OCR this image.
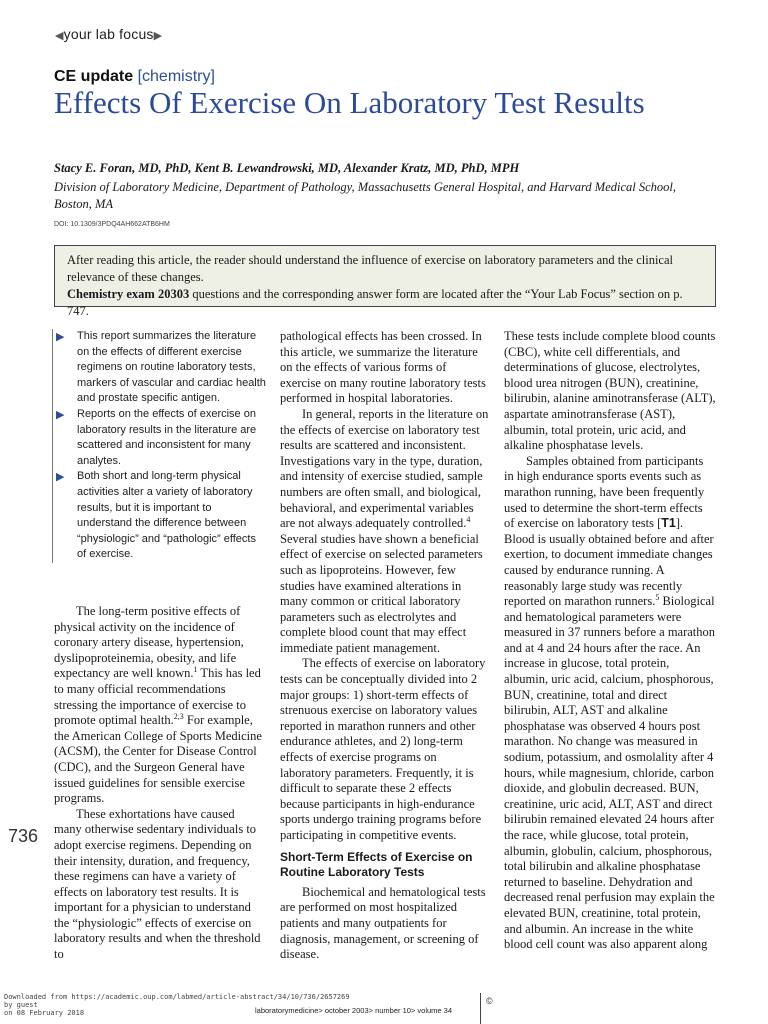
◀your lab focus▶
CE update [chemistry]
Effects Of Exercise On Laboratory Test Results
Stacy E. Foran, MD, PhD, Kent B. Lewandrowski, MD, Alexander Kratz, MD, PhD, MPH
Division of Laboratory Medicine, Department of Pathology, Massachusetts General Hospital, and Harvard Medical School, Boston, MA
DOI: 10.1309/3PDQ4AH662ATB6HM
After reading this article, the reader should understand the influence of exercise on laboratory parameters and the clinical relevance of these changes.
Chemistry exam 20303 questions and the corresponding answer form are located after the “Your Lab Focus” section on p. 747.
▶	This report summarizes the literature on the effects of different exercise regimens on routine laboratory tests, markers of vascular and cardiac health and prostate specific antigen.
▶	Reports on the effects of exercise on laboratory results in the literature are scattered and inconsistent for many analytes.
▶	Both short and long-term physical activities alter a variety of laboratory results, but it is important to understand the difference between “physiologic” and “pathologic” effects of exercise.

The long-term positive effects of physical activity on the incidence of coronary artery disease, hypertension, dyslipoproteinemia, obesity, and life expectancy are well known.$^1$ This has led to many official recommendations stressing the importance of exercise to promote optimal health.$^{2,3}$ For example, the American College of Sports Medicine (ACSM), the Center for Disease Control (CDC), and the Surgeon General have issued guidelines for sensible exercise programs.

These exhortations have caused many otherwise sedentary individuals to adopt exercise regimens. Depending on their intensity, duration, and frequency, these regimens can have a variety of effects on laboratory test results. It is important for a physician to understand the “physiologic” effects of exercise on laboratory results and when the threshold to

pathological effects has been crossed. In this article, we summarize the literature on the effects of various forms of exercise on many routine laboratory tests performed in hospital laboratories.

In general, reports in the literature on the effects of exercise on laboratory test results are scattered and inconsistent. Investigations vary in the type, duration, and intensity of exercise studied, sample numbers are often small, and biological, behavioral, and experimental variables are not always adequately controlled.$^4$ Several studies have shown a beneficial effect of exercise on selected parameters such as lipoproteins. However, few studies have examined alterations in many common or critical laboratory parameters such as electrolytes and complete blood count that may effect immediate patient management.

The effects of exercise on laboratory tests can be conceptually divided into 2 major groups: 1) short-term effects of strenuous exercise on laboratory values reported in marathon runners and other endurance athletes, and 2) long-term effects of exercise programs on laboratory parameters. Frequently, it is difficult to separate these 2 effects because participants in high-endurance sports undergo training programs before participating in competitive events.

Short-Term Effects of Exercise on Routine Laboratory Tests

Biochemical and hematological tests are performed on most hospitalized patients and many outpatients for diagnosis, management, or screening of disease.

These tests include complete blood counts (CBC), white cell differentials, and determinations of glucose, electrolytes, blood urea nitrogen (BUN), creatinine, bilirubin, alanine aminotransferase (ALT), aspartate aminotransferase (AST), albumin, total protein, uric acid, and alkaline phosphatase levels.

Samples obtained from participants in high endurance sports events such as marathon running, have been frequently used to determine the short-term effects of exercise on laboratory tests [T1]. Blood is usually obtained before and after exertion, to document immediate changes caused by endurance running. A reasonably large study was recently reported on marathon runners.$^5$ Biological and hematological parameters were measured in 37 runners before a marathon and at 4 and 24 hours after the race. An increase in glucose, total protein, albumin, uric acid, calcium, phosphorous, BUN, creatinine, total and direct bilirubin, ALT, AST and alkaline phosphatase was observed 4 hours post marathon. No change was measured in sodium, potassium, and osmolality after 4 hours, while magnesium, chloride, carbon dioxide, and globulin decreased. BUN, creatinine, uric acid, ALT, AST and direct bilirubin remained elevated 24 hours after the race, while glucose, total protein, albumin, globulin, calcium, phosphorous, total bilirubin and alkaline phosphatase returned to baseline. Dehydration and decreased renal perfusion may explain the elevated BUN, creatinine, total protein, and albumin. An increase in the white blood cell count was also apparent along

736
Downloaded from https://academic.oup.com/labmed/article-abstract/34/10/736/2657269
by guest
on 08 February 2018	laboratorymedicine> october 2003> number 10> volume 34
©
